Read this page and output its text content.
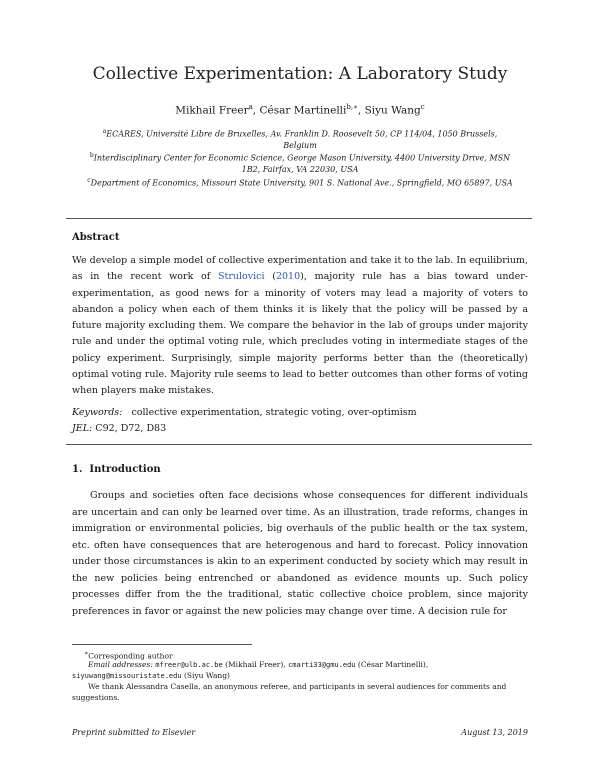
Collective Experimentation: A Laboratory Study
Mikhail Freer$^a$, César Martinelli$^{b,∗}$, Siyu Wang$^c$
$^a$ECARES, Université Libre de Bruxelles, Av. Franklin D. Roosevelt 50, CP 114/04, 1050 Brussels,
Belgium
$^b$Interdisciplinary Center for Economic Science, George Mason University, 4400 University Drive, MSN
1B2, Fairfax, VA 22030, USA
$^c$Department of Economics, Missouri State University, 901 S. National Ave., Springfield, MO 65897, USA
Abstract
We develop a simple model of collective experimentation and take it to the lab. In equilibrium, as in the recent work of Strulovici (2010), majority rule has a bias toward under-experimentation, as good news for a minority of voters may lead a majority of voters to abandon a policy when each of them thinks it is likely that the policy will be passed by a future majority excluding them. We compare the behavior in the lab of groups under majority rule and under the optimal voting rule, which precludes voting in intermediate stages of the policy experiment. Surprisingly, simple majority performs better than the (theoretically) optimal voting rule. Majority rule seems to lead to better outcomes than other forms of voting when players make mistakes.
Keywords: collective experimentation, strategic voting, over-optimism
JEL: C92, D72, D83
1. Introduction
Groups and societies often face decisions whose consequences for different individuals are uncertain and can only be learned over time. As an illustration, trade reforms, changes in immigration or environmental policies, big overhauls of the public health or the tax system, etc. often have consequences that are heterogenous and hard to forecast. Policy innovation under those circumstances is akin to an experiment conducted by society which may result in the new policies being entrenched or abandoned as evidence mounts up. Such policy processes differ from the the traditional, static collective choice problem, since majority preferences in favor or against the new policies may change over time. A decision rule for
∗Corresponding author
Email addresses: mfreer@ulb.ac.be (Mikhail Freer), cmarti33@gmu.edu (César Martinelli),
siyuwang@missouristate.edu (Siyu Wang)
We thank Alessandra Casella, an anonymous referee, and participants in several audiences for comments and suggestions.
Preprint submitted to Elsevier	August 13, 2019
